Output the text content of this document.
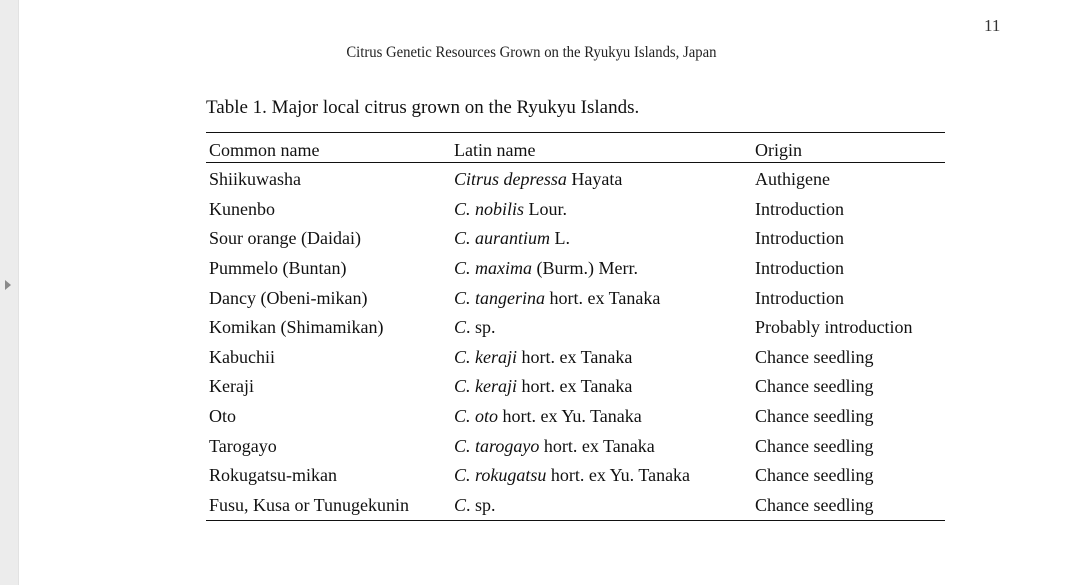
11
Citrus Genetic Resources Grown on the Ryukyu Islands, Japan
Table 1. Major local citrus grown on the Ryukyu Islands.
Common name	Latin name	Origin
Shiikuwasha	Citrus depressa Hayata	Authigene
Kunenbo	C. nobilis Lour.	Introduction
Sour orange (Daidai)	C. aurantium L.	Introduction
Pummelo (Buntan)	C. maxima (Burm.) Merr.	Introduction
Dancy (Obeni-mikan)	C. tangerina hort. ex Tanaka	Introduction
Komikan (Shimamikan)	C. sp.	Probably introduction
Kabuchii	C. keraji hort. ex Tanaka	Chance seedling
Keraji	C. keraji hort. ex Tanaka	Chance seedling
Oto	C. oto hort. ex Yu. Tanaka	Chance seedling
Tarogayo	C. tarogayo hort. ex Tanaka	Chance seedling
Rokugatsu-mikan	C. rokugatsu hort. ex Yu. Tanaka	Chance seedling
Fusu, Kusa or Tunugekunin	C. sp.	Chance seedling
